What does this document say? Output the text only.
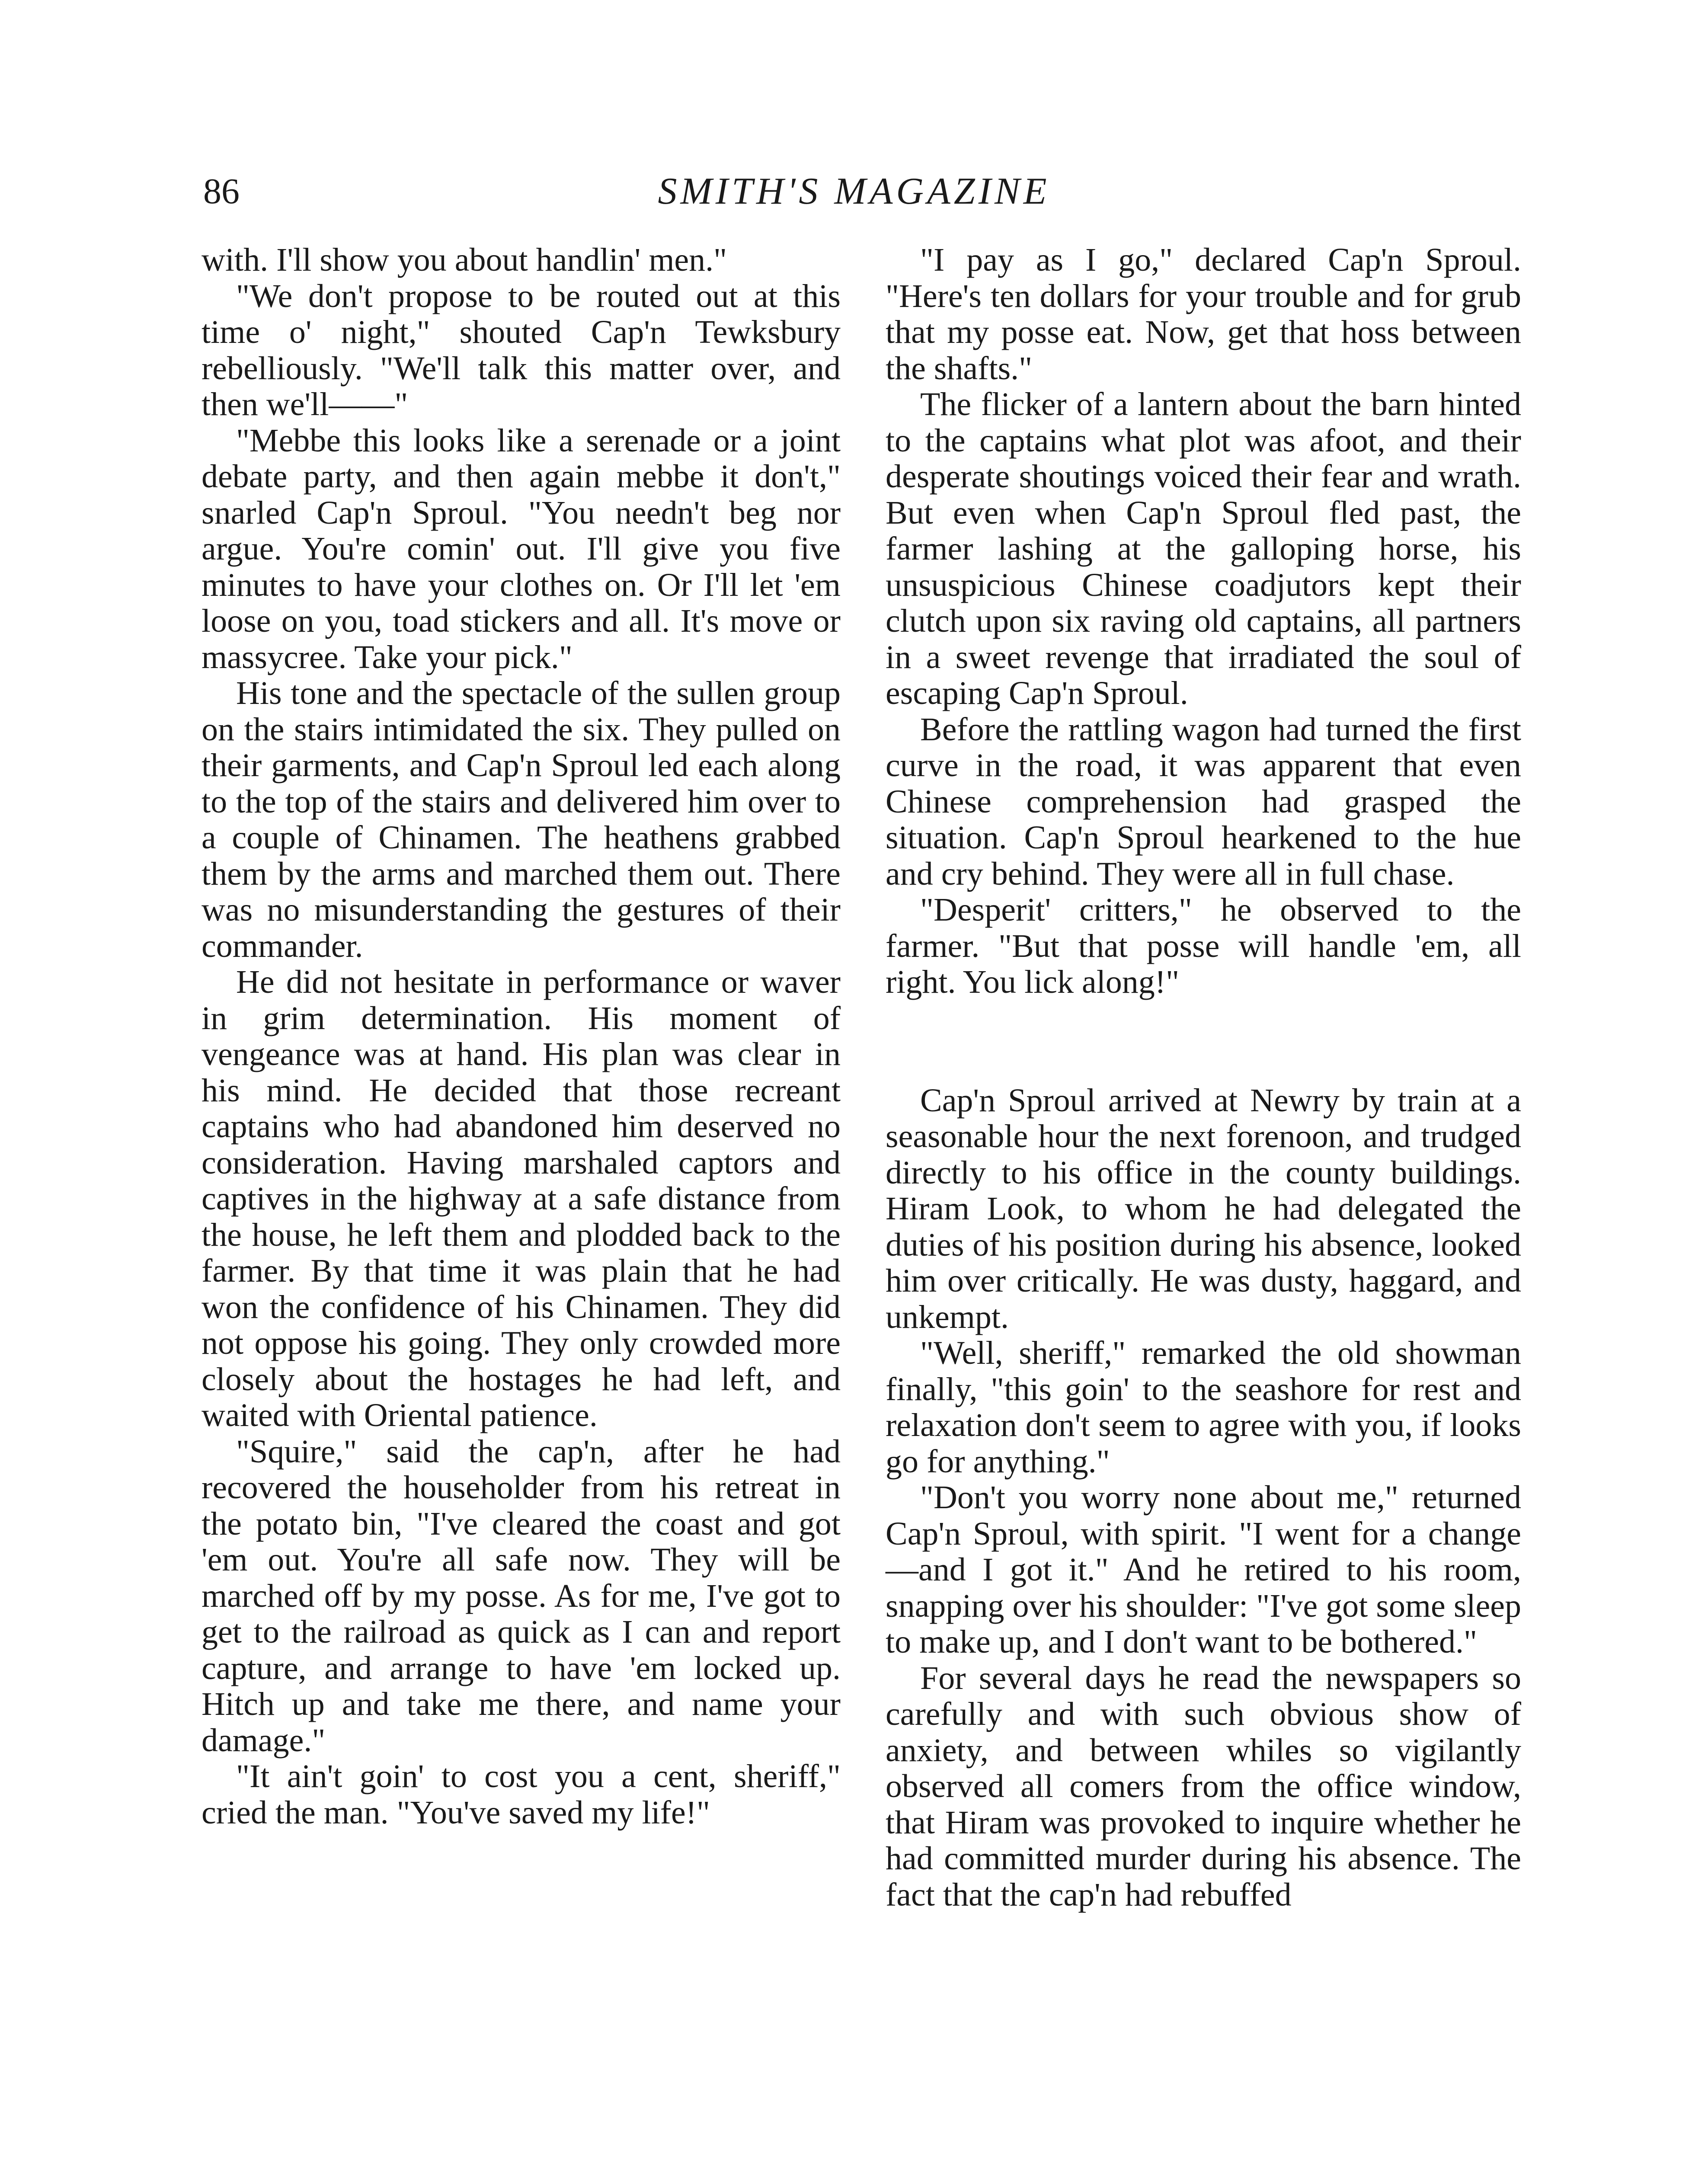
86	SMITH'S MAGAZINE

with. I'll show you about handlin' men."

"We don't propose to be routed out at this time o' night," shouted Cap'n Tewksbury rebelliously. "We'll talk this matter over, and then we'll——"

"Mebbe this looks like a serenade or a joint debate party, and then again mebbe it don't," snarled Cap'n Sproul. "You needn't beg nor argue. You're comin' out. I'll give you five minutes to have your clothes on. Or I'll let 'em loose on you, toad stickers and all. It's move or massycree. Take your pick."

His tone and the spectacle of the sullen group on the stairs intimidated the six. They pulled on their garments, and Cap'n Sproul led each along to the top of the stairs and delivered him over to a couple of Chinamen. The heathens grabbed them by the arms and marched them out. There was no misunderstanding the gestures of their commander.

He did not hesitate in performance or waver in grim determination. His moment of vengeance was at hand. His plan was clear in his mind. He decided that those recreant captains who had abandoned him deserved no consideration. Having marshaled captors and captives in the highway at a safe distance from the house, he left them and plodded back to the farmer. By that time it was plain that he had won the confidence of his Chinamen. They did not oppose his going. They only crowded more closely about the hostages he had left, and waited with Oriental patience.

"Squire," said the cap'n, after he had recovered the householder from his retreat in the potato bin, "I've cleared the coast and got 'em out. You're all safe now. They will be marched off by my posse. As for me, I've got to get to the railroad as quick as I can and report capture, and arrange to have 'em locked up. Hitch up and take me there, and name your damage."

"It ain't goin' to cost you a cent, sheriff," cried the man. "You've saved my life!"

"I pay as I go," declared Cap'n Sproul. "Here's ten dollars for your trouble and for grub that my posse eat. Now, get that hoss between the shafts."

The flicker of a lantern about the barn hinted to the captains what plot was afoot, and their desperate shoutings voiced their fear and wrath. But even when Cap'n Sproul fled past, the farmer lashing at the galloping horse, his unsuspicious Chinese coadjutors kept their clutch upon six raving old captains, all partners in a sweet revenge that irradiated the soul of escaping Cap'n Sproul.

Before the rattling wagon had turned the first curve in the road, it was apparent that even Chinese comprehension had grasped the situation. Cap'n Sproul hearkened to the hue and cry behind. They were all in full chase.

"Desperit' critters," he observed to the farmer. "But that posse will handle 'em, all right. You lick along!"

Cap'n Sproul arrived at Newry by train at a seasonable hour the next forenoon, and trudged directly to his office in the county buildings. Hiram Look, to whom he had delegated the duties of his position during his absence, looked him over critically. He was dusty, haggard, and unkempt.

"Well, sheriff," remarked the old showman finally, "this goin' to the seashore for rest and relaxation don't seem to agree with you, if looks go for anything."

"Don't you worry none about me," returned Cap'n Sproul, with spirit. "I went for a change—and I got it." And he retired to his room, snapping over his shoulder: "I've got some sleep to make up, and I don't want to be bothered."

For several days he read the newspapers so carefully and with such obvious show of anxiety, and between whiles so vigilantly observed all comers from the office window, that Hiram was provoked to inquire whether he had committed murder during his absence. The fact that the cap'n had rebuffed
